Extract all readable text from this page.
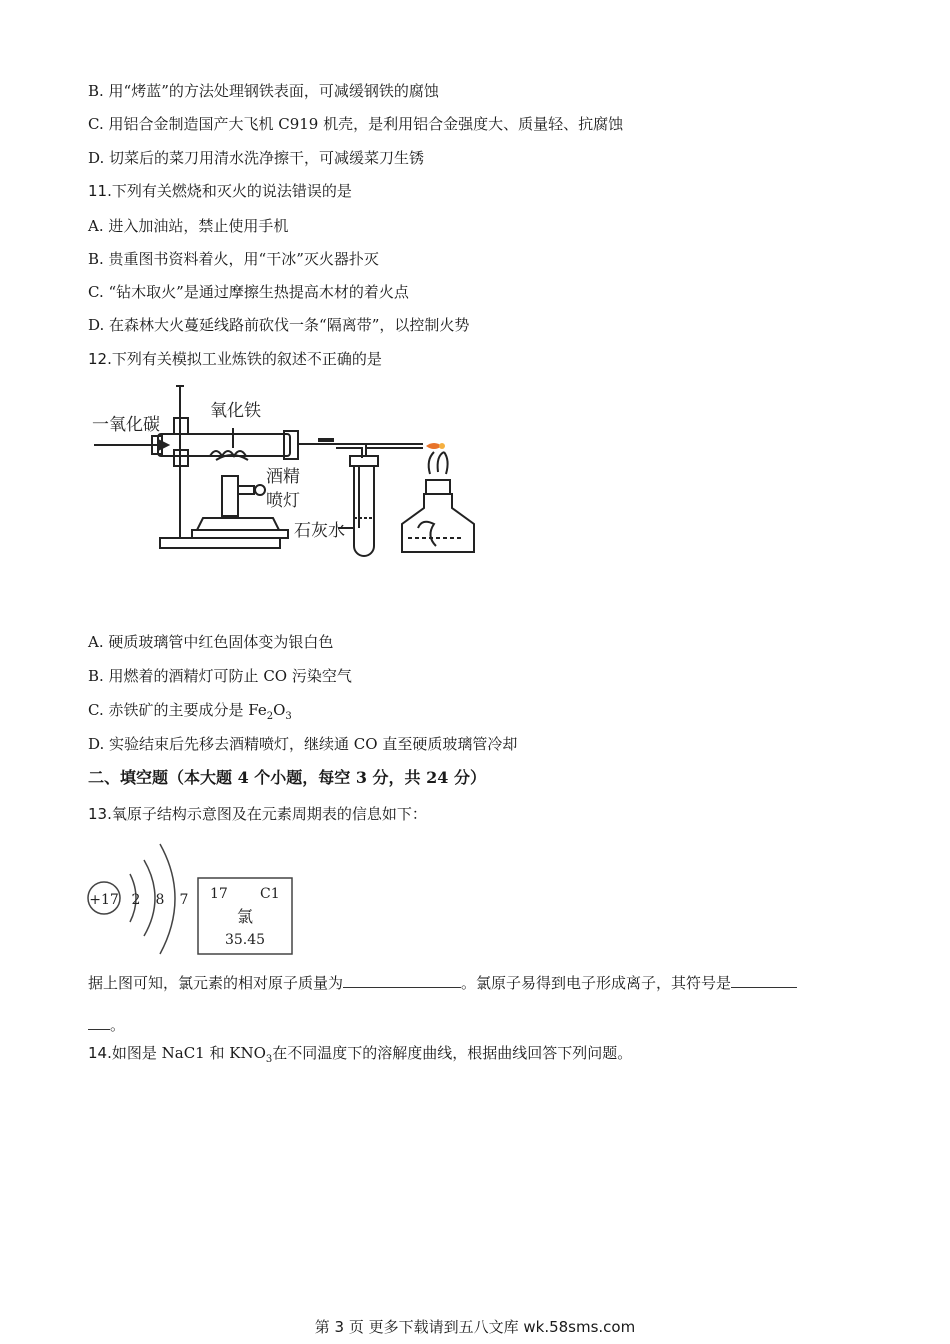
B. 用“烤蓝”的方法处理钢铁表面，可减缓钢铁的腐蚀
C. 用铝合金制造国产大飞机 C919 机壳，是利用铝合金强度大、质量轻、抗腐蚀
D. 切菜后的菜刀用清水洗净擦干，可减缓菜刀生锈
11.下列有关燃烧和灭火的说法错误的是
A. 进入加油站，禁止使用手机
B. 贵重图书资料着火，用“干冰”灭火器扑灭
C. “钻木取火”是通过摩擦生热提高木材的着火点
D. 在森林大火蔓延线路前砍伐一条“隔离带”，以控制火势
12.下列有关模拟工业炼铁的叙述不正确的是
一氧化碳
氧化铁
酒精
喷灯
石灰水
A. 硬质玻璃管中红色固体变为银白色
B. 用燃着的酒精灯可防止 CO 污染空气
C. 赤铁矿的主要成分是 $Fe_2O_3$
D. 实验结束后先移去酒精喷灯，继续通 CO 直至硬质玻璃管冷却
二、填空题（本大题 4 个小题，每空 3 分，共 24 分）
13.氧原子结构示意图及在元素周期表的信息如下：
+17 2 8 7 17 C1
氯
35.45
据上图可知，氯元素的相对原子质量为	。氯原子易得到电子形成离子，其符号是
。
14.如图是 NaC1 和 $KNO_3$在不同温度下的溶解度曲线，根据曲线回答下列问题。
第 3 页 更多下载请到五八文库 wk.58sms.com
